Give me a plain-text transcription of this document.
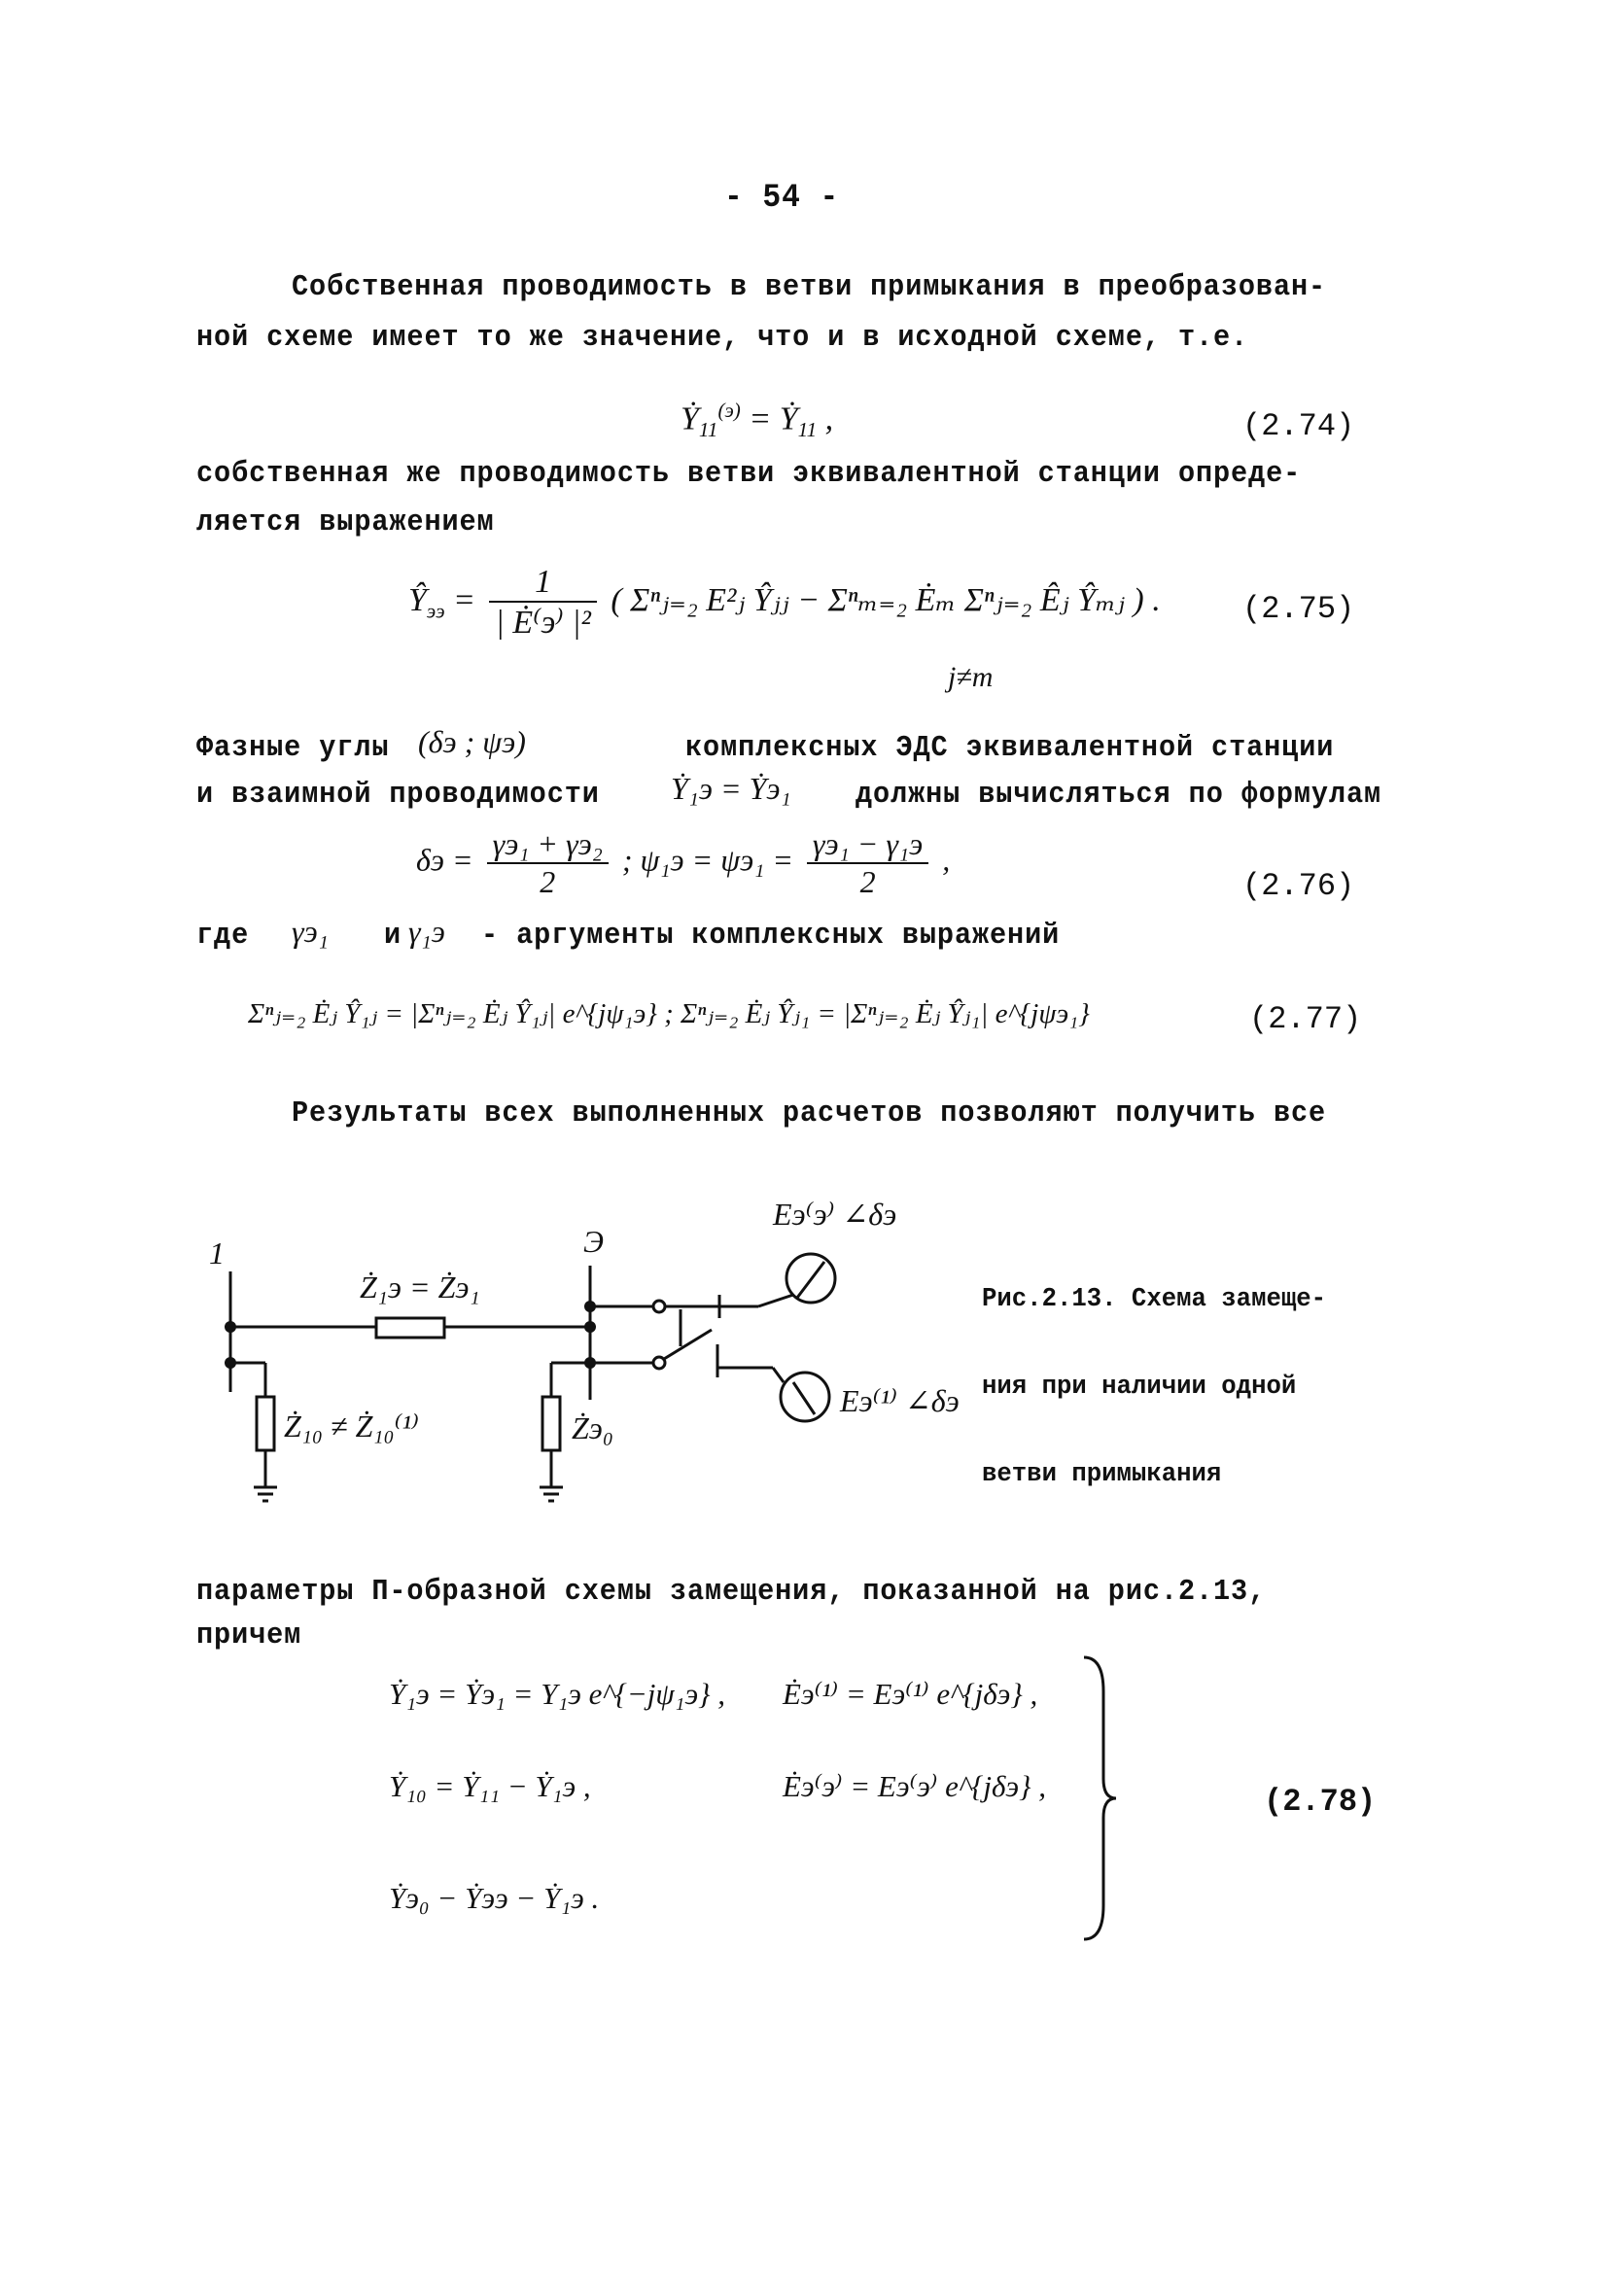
- 54 -
Собственная проводимость в ветви примыкания в преобразован-
ной схеме имеет то же значение, что и в исходной схеме, т.е.
Ẏ$_{11}^{(э)}$ = Ẏ$_{11}$ ,	(2.74)
собственная же проводимость ветви эквивалентной станции опреде-
ляется выражением
$Ŷ_{ээ} = \frac{1}{\text{| Ė⁽э⁾ |²}}$ ( Σⁿⱼ₌₂ E²ⱼ Ŷⱼⱼ − Σⁿₘ₌₂ Ėₘ Σⁿⱼ₌₂ Êⱼ Ŷₘⱼ ) .
j≠m
(2.75)
Фазные углы (δэ ; ψэ)	комплексных ЭДС эквивалентной станции
и взаимной проводимости Ẏ₁э = Ẏэ₁ должны вычисляться по формулам
$\delta э = \frac{\text{γэ₁ + γэ₂}}{2}$ ; $\psi_1э = \psi э_1 = \frac{\text{γэ₁ − γ₁э}}{2}$ ,
(2.76)
где γэ₁ и γ₁э - аргументы комплексных выражений
Σⁿⱼ₌₂ Ėⱼ Ŷ₁ⱼ = |Σⁿⱼ₌₂ Ėⱼ Ŷ₁ⱼ| e^{jψ₁э} ; Σⁿⱼ₌₂ Ėⱼ Ŷⱼ₁ = |Σⁿⱼ₌₂ Ėⱼ Ŷⱼ₁| e^{jψэ₁}	(2.77)
Результаты всех выполненных расчетов позволяют получить все
1	Э
Ż₁э = Żэ₁
Ż₁₀ ≠ Ż₁₀⁽¹⁾	Żэ₀
Eэ⁽э⁾ ∠δэ
Eэ⁽¹⁾ ∠δэ

Рис.2.13. Схема замеще-

ния при наличии одной

ветви примыкания

параметры П-образной схемы замещения, показанной на рис.2.13,
причем
Ẏ₁э = Ẏэ₁ = Y₁э e^{−jψ₁э} , Ėэ⁽¹⁾ = Eэ⁽¹⁾ e^{jδэ} ,
Ẏ₁₀ = Ẏ₁₁ − Ẏ₁э ,	Ėэ⁽э⁾ = Eэ⁽э⁾ e^{jδэ} ,
Ẏэ₀ − Ẏээ − Ẏ₁э .
(2.78)
